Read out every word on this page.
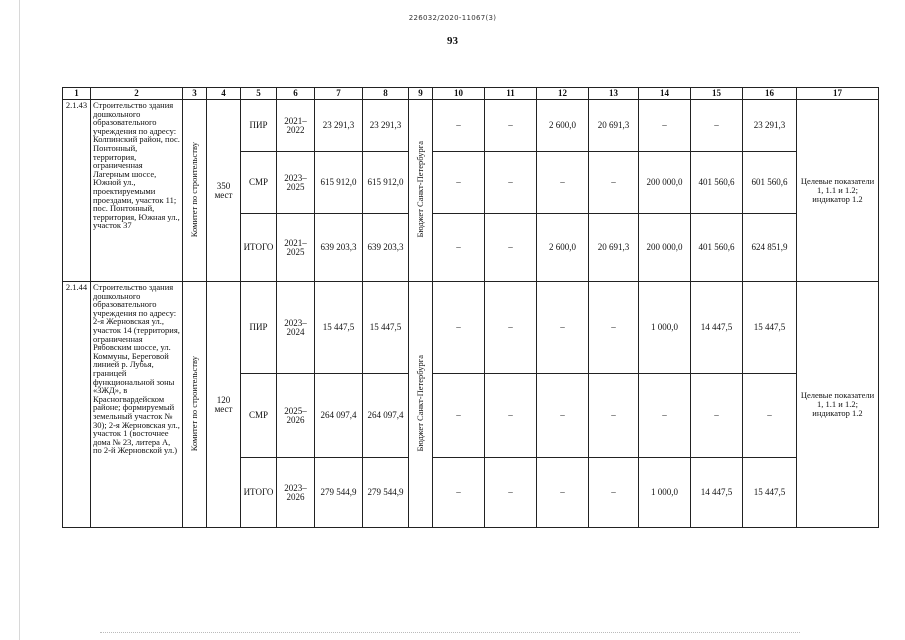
226032/2020-11067(3)
93
1	2	3	4	5	6	7	8	9	10	11	12	13	14	15	16	17
2.1.43	Строительство здания дошкольного образовательного учреждения по адресу: Колпинский район, пос. Понтонный, территория, ограниченная Лагерным шоссе, Южной ул., проектируемыми проездами, участок 11; пос. Понтонный, территория, Южная ул., участок 37	Комитет по строительству	350 мест	ПИР	2021–2022	23 291,3	23 291,3	Бюджет Санкт-Петербурга	–	–	2 600,0	20 691,3	–	–	23 291,3	Целевые показатели 1, 1.1 и 1.2; индикатор 1.2
				СМР	2023–2025	615 912,0	615 912,0		–	–	–	–	200 000,0	401 560,6	601 560,6	
				ИТОГО	2021–2025	639 203,3	639 203,3		–	–	2 600,0	20 691,3	200 000,0	401 560,6	624 851,9	
2.1.44	Строительство здания дошкольного образовательного учреждения по адресу: 2-я Жерновская ул., участок 14 (территория, ограниченная Рябовским шоссе, ул. Коммуны, Береговой линией р. Лубья, границей функциональной зоны «ЗЖД», в Красногвардейском районе; формируемый земельный участок № 30); 2-я Жерновская ул., участок 1 (восточнее дома № 23, литера А, по 2-й Жерновской ул.)	Комитет по строительству	120 мест	ПИР	2023–2024	15 447,5	15 447,5	Бюджет Санкт-Петербурга	–	–	–	–	1 000,0	14 447,5	15 447,5	Целевые показатели 1, 1.1 и 1.2; индикатор 1.2
				СМР	2025–2026	264 097,4	264 097,4		–	–	–	–	–	–	–	
				ИТОГО	2023–2026	279 544,9	279 544,9		–	–	–	–	1 000,0	14 447,5	15 447,5	
